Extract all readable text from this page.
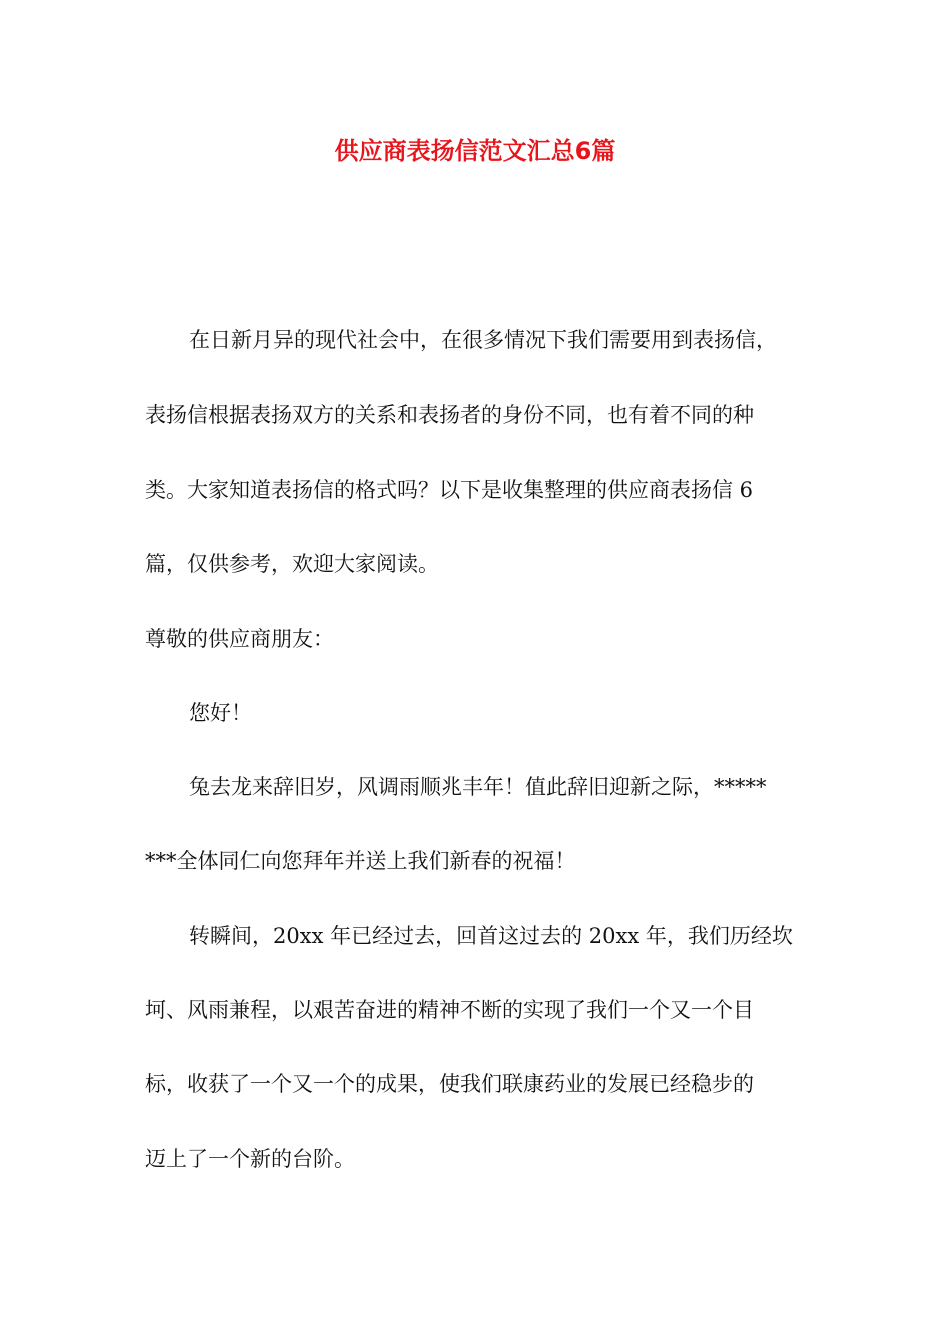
供应商表扬信范文汇总6篇

在日新月异的现代社会中，在很多情况下我们需要用到表扬信，

表扬信根据表扬双方的关系和表扬者的身份不同，也有着不同的种

类。大家知道表扬信的格式吗？以下是收集整理的供应商表扬信 6

篇，仅供参考，欢迎大家阅读。

尊敬的供应商朋友：

您好！

兔去龙来辞旧岁，风调雨顺兆丰年！值此辞旧迎新之际，*****

***全体同仁向您拜年并送上我们新春的祝福！

转瞬间，20xx 年已经过去，回首这过去的 20xx 年，我们历经坎

坷、风雨兼程，以艰苦奋进的精神不断的实现了我们一个又一个目

标，收获了一个又一个的成果，使我们联康药业的发展已经稳步的

迈上了一个新的台阶。
